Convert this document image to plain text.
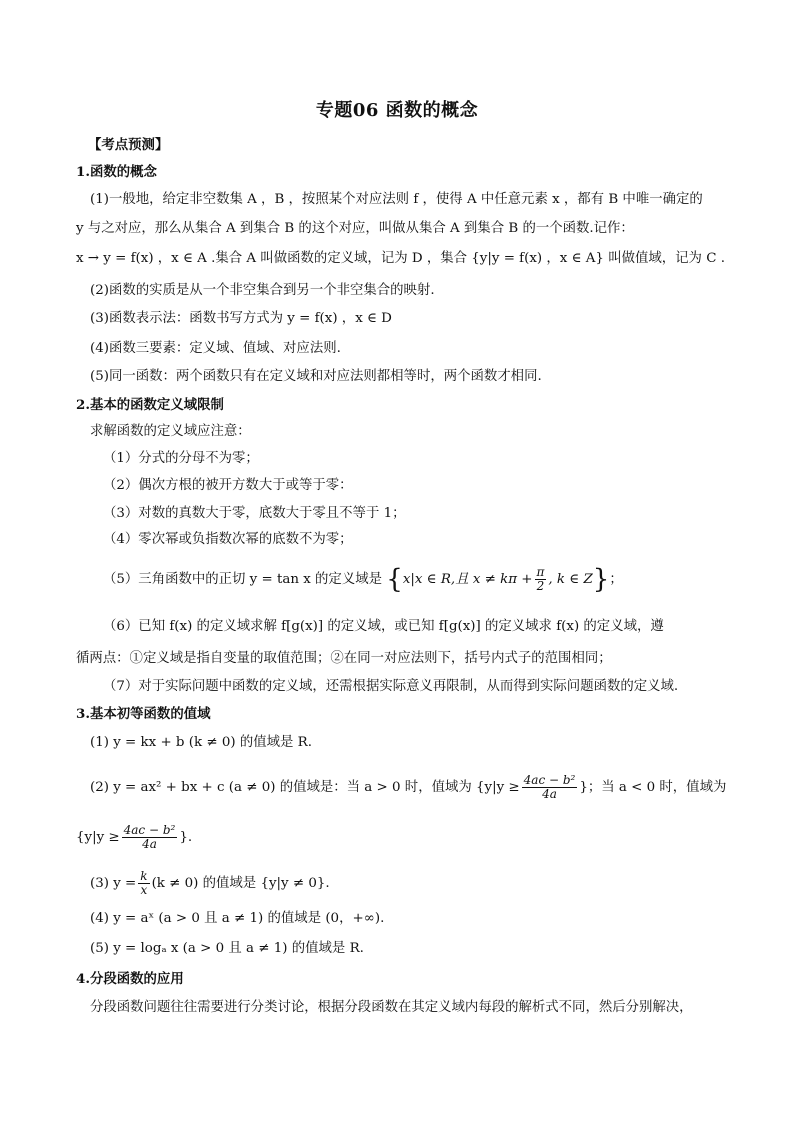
专题06 函数的概念
【考点预测】
1.函数的概念
(1)一般地，给定非空数集 A ，B ，按照某个对应法则 f ，使得 A 中任意元素 x ，都有 B 中唯一确定的
y 与之对应，那么从集合 A 到集合 B 的这个对应，叫做从集合 A 到集合 B 的一个函数.记作：
x → y = f(x) ，x ∈ A .集合 A 叫做函数的定义域，记为 D ，集合 {y|y = f(x) ，x ∈ A} 叫做值域，记为 C .
(2)函数的实质是从一个非空集合到另一个非空集合的映射.
(3)函数表示法：函数书写方式为 y = f(x) ，x ∈ D
(4)函数三要素：定义域、值域、对应法则.
(5)同一函数：两个函数只有在定义域和对应法则都相等时，两个函数才相同.
2.基本的函数定义域限制
求解函数的定义域应注意：
（1）分式的分母不为零；
（2）偶次方根的被开方数大于或等于零：
（3）对数的真数大于零，底数大于零且不等于 1；
（4）零次幂或负指数次幂的底数不为零；
（5）三角函数中的正切 y = tan x 的定义域是 {x|x ∈ R,且 $x \ne k\pi + \frac{\pi}{2}$ , k ∈ Z}；
（6）已知 f(x) 的定义域求解 f[g(x)] 的定义域，或已知 f[g(x)] 的定义域求 f(x) 的定义域，遵
循两点：①定义域是指自变量的取值范围；②在同一对应法则下，括号内式子的范围相同；
（7）对于实际问题中函数的定义域，还需根据实际意义再限制，从而得到实际问题函数的定义域.
3.基本初等函数的值域
(1) y = kx + b (k ≠ 0) 的值域是 R.
(2) y = ax² + bx + c (a ≠ 0) 的值域是：当 a > 0 时，值域为 {$y|y \ge \frac{\text{4ac − b²}}{4a}$ }；当 a < 0 时，值域为
{$y|y \ge \frac{\text{4ac − b²}}{4a}$ }.
(3) $y = \frac{k}{x} (k \ne 0)$ 的值域是 {y|y ≠ 0}.
(4) y = aˣ (a > 0 且 a ≠ 1) 的值域是 (0，+∞).
(5) y = logₐ x (a > 0 且 a ≠ 1) 的值域是 R.
4.分段函数的应用
分段函数问题往往需要进行分类讨论，根据分段函数在其定义域内每段的解析式不同，然后分别解决，
